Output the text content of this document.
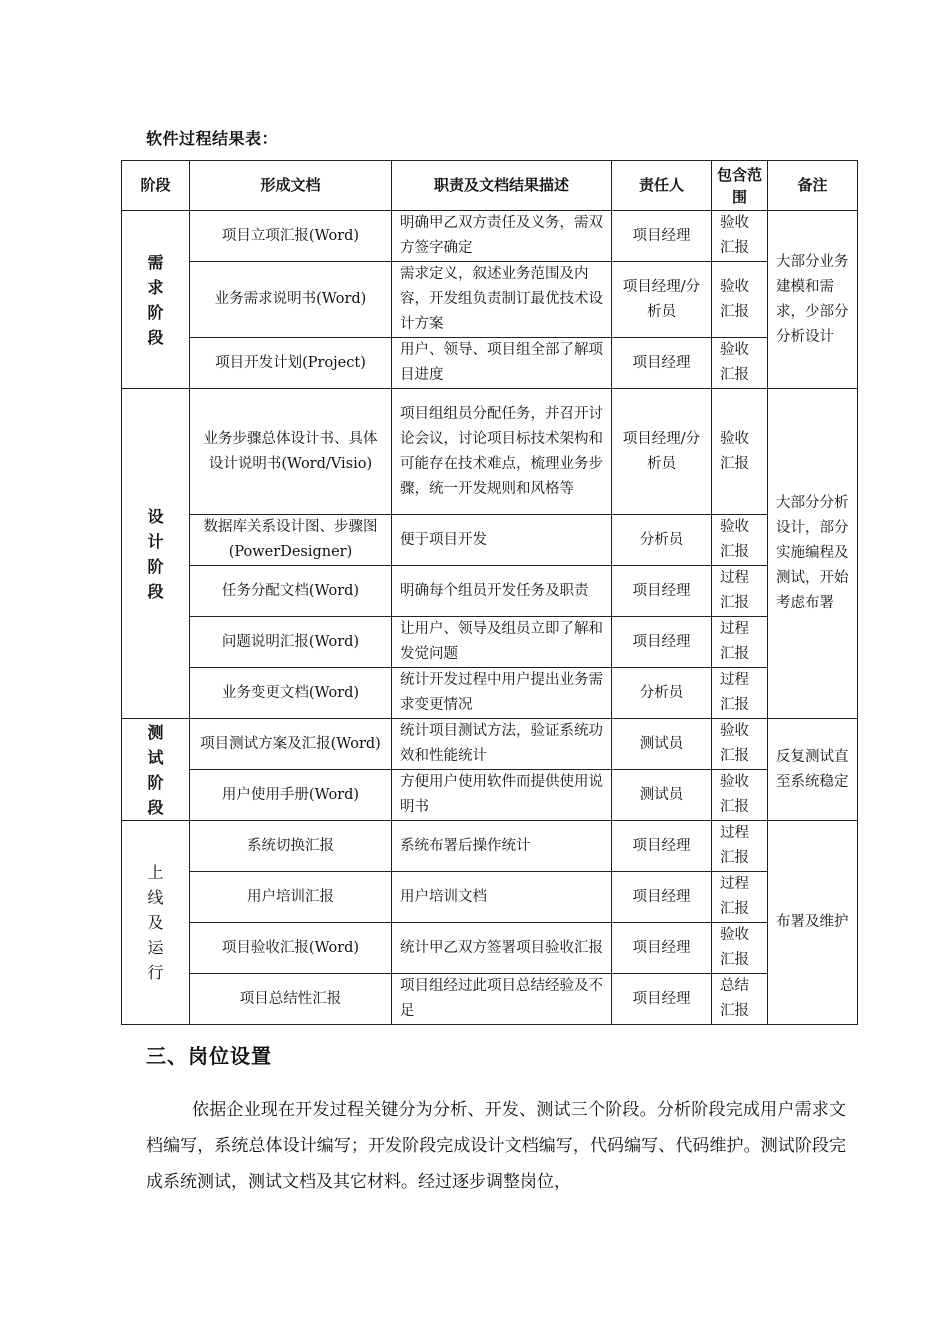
软件过程结果表：
阶段	形成文档	职责及文档结果描述	责任人	包含范围	备注
需求阶段	项目立项汇报(Word)	明确甲乙双方责任及义务，需双方签字确定	项目经理	验收汇报	大部分业务建模和需求，少部分分析设计
	业务需求说明书(Word)	需求定义，叙述业务范围及内容，开发组负责制订最优技术设计方案	项目经理/分析员	验收汇报	
	项目开发计划(Project)	用户、领导、项目组全部了解项目进度	项目经理	验收汇报	
设计阶段	业务步骤总体设计书、具体设计说明书(Word/Visio)	项目组组员分配任务，并召开讨论会议，讨论项目标技术架构和可能存在技术难点，梳理业务步骤，统一开发规则和风格等	项目经理/分析员	验收汇报	大部分分析设计，部分实施编程及测试，开始考虑布署
	数据库关系设计图、步骤图(PowerDesigner)	便于项目开发	分析员	验收汇报	
	任务分配文档(Word)	明确每个组员开发任务及职责	项目经理	过程汇报	
	问题说明汇报(Word)	让用户、领导及组员立即了解和发觉问题	项目经理	过程汇报	
	业务变更文档(Word)	统计开发过程中用户提出业务需求变更情况	分析员	过程汇报	
测试阶段	项目测试方案及汇报(Word)	统计项目测试方法，验证系统功效和性能统计	测试员	验收汇报	反复测试直至系统稳定
	用户使用手册(Word)	方便用户使用软件而提供使用说明书	测试员	验收汇报	
上线及运行	系统切换汇报	系统布署后操作统计	项目经理	过程汇报	布署及维护
	用户培训汇报	用户培训文档	项目经理	过程汇报	
	项目验收汇报(Word)	统计甲乙双方签署项目验收汇报	项目经理	验收汇报	
	项目总结性汇报	项目组经过此项目总结经验及不足	项目经理	总结汇报	
三、岗位设置

依据企业现在开发过程关键分为分析、开发、测试三个阶段。分析阶段完成用户需求文档编写，系统总体设计编写；开发阶段完成设计文档编写，代码编写、代码维护。测试阶段完成系统测试，测试文档及其它材料。经过逐步调整岗位，
